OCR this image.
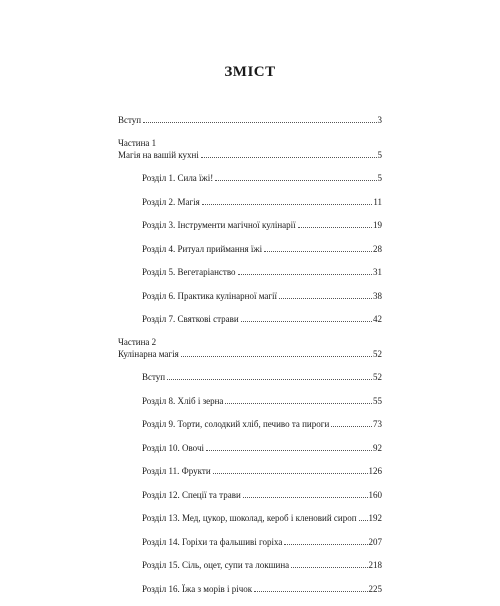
ЗМІСТ
Вступ	3
Частина 1
Магія на вашій кухні	5
Розділ 1. Сила їжі!	5
Розділ 2. Магія	11
Розділ 3. Інструменти магічної кулінарії	19
Розділ 4. Ритуал приймання їжі	28
Розділ 5. Вегетаріанство	31
Розділ 6. Практика кулінарної магії	38
Розділ 7. Святкові страви	42
Частина 2
Кулінарна магія	52
Вступ	52
Розділ 8. Хліб і зерна	55
Розділ 9. Торти, солодкий хліб, печиво та пироги	73
Розділ 10. Овочі	92
Розділ 11. Фрукти	126
Розділ 12. Спеції та трави	160
Розділ 13. Мед, цукор, шоколад, кероб і кленовий сироп 192
Розділ 14. Горіхи та фальшиві горіха	207
Розділ 15. Сіль, оцет, супи та локшина	218
Розділ 16. Їжа з морів і річок	225
